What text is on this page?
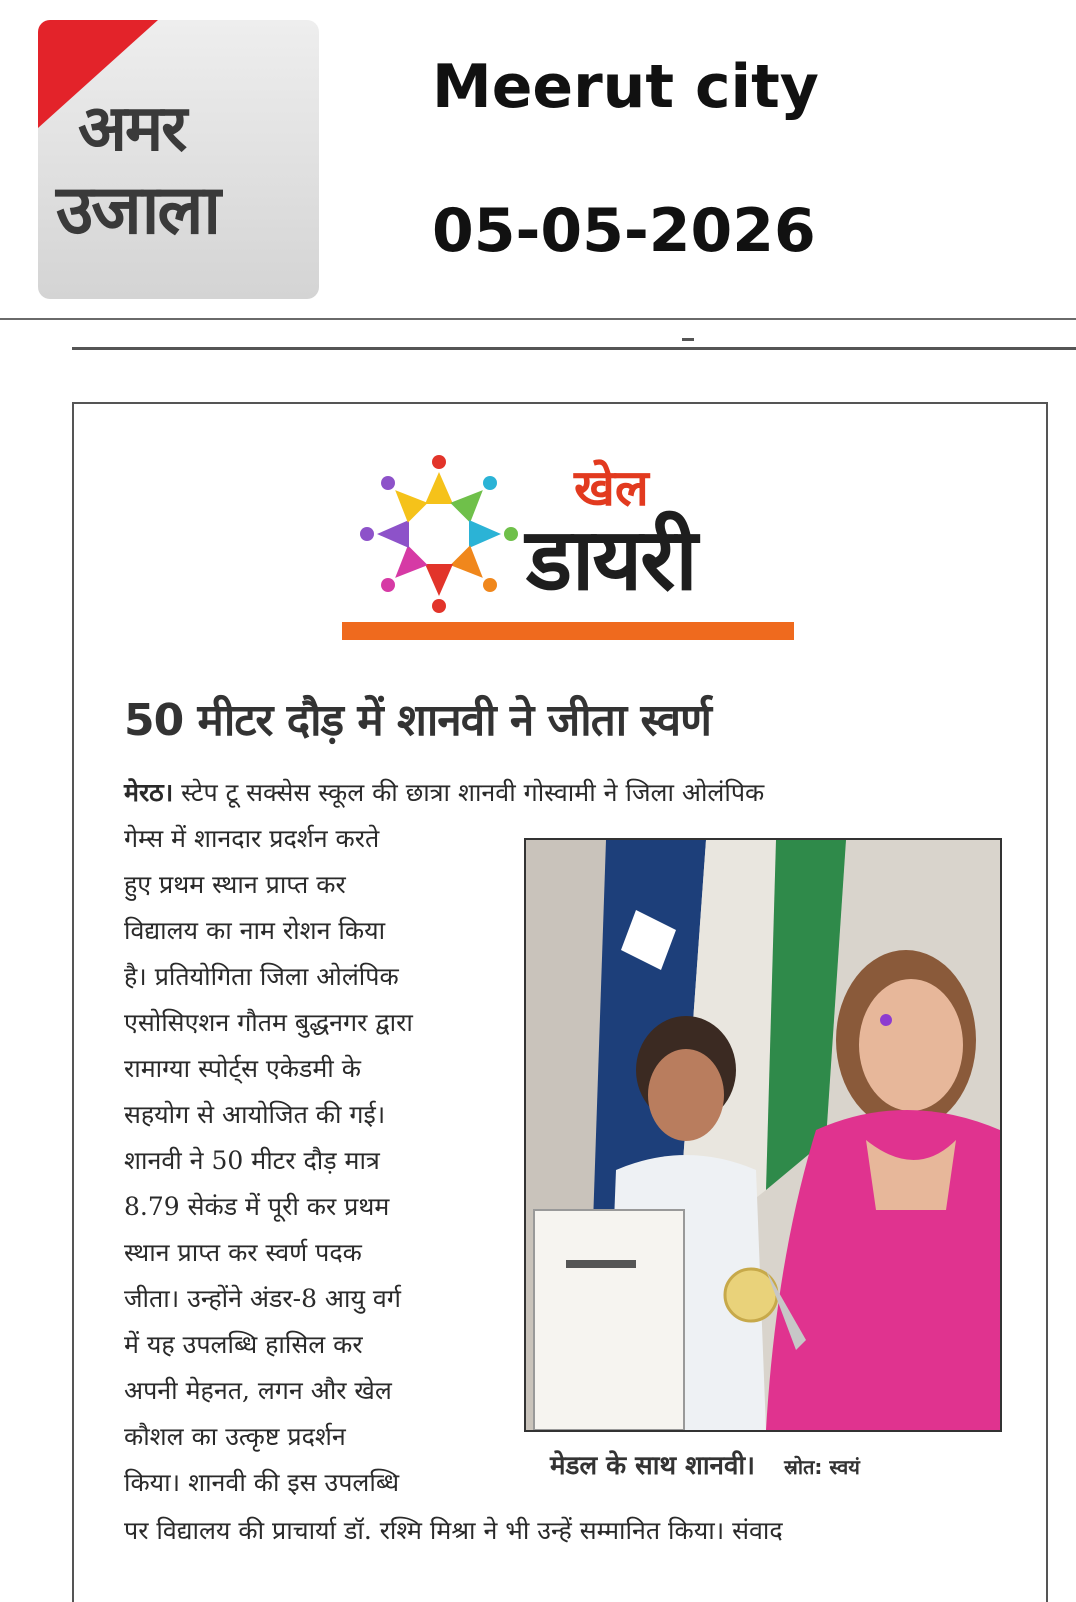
अमर
उजाला
Meerut city
05-05-2026
खेल
डायरी
50 मीटर दौड़ में शानवी ने जीता स्वर्ण
मेरठ। स्टेप टू सक्सेस स्कूल की छात्रा शानवी गोस्वामी ने जिला ओलंपिक
गेम्स में शानदार प्रदर्शन करते
हुए प्रथम स्थान प्राप्त कर
विद्यालय का नाम रोशन किया
है। प्रतियोगिता जिला ओलंपिक
एसोसिएशन गौतम बुद्धनगर द्वारा
रामाग्या स्पोर्ट्स एकेडमी के
सहयोग से आयोजित की गई।
शानवी ने 50 मीटर दौड़ मात्र
8.79 सेकंड में पूरी कर प्रथम
स्थान प्राप्त कर स्वर्ण पदक
जीता। उन्होंने अंडर-8 आयु वर्ग
में यह उपलब्धि हासिल कर
अपनी मेहनत, लगन और खेल
कौशल का उत्कृष्ट प्रदर्शन
किया। शानवी की इस उपलब्धि
मेडल के साथ शानवी। स्रोत: स्वयं
पर विद्यालय की प्राचार्या डॉ. रश्मि मिश्रा ने भी उन्हें सम्मानित किया। संवाद
